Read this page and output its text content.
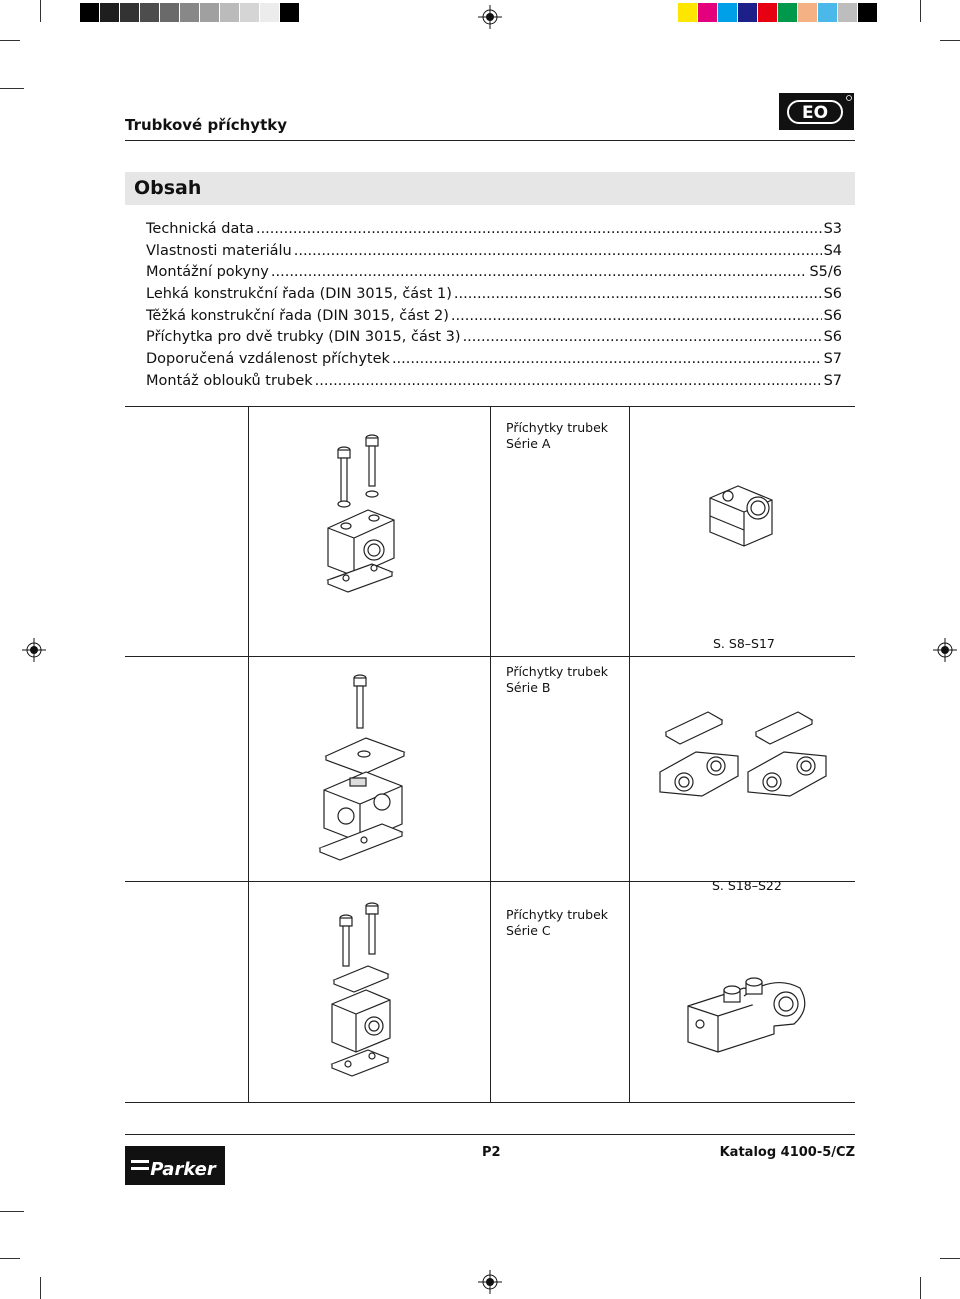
Trubkové příchytky
EO
Obsah
Technická data .....	S3
Vlastnosti materiálu .....	S4
Montážní pokyny .....	S5/6
Lehká konstrukční řada (DIN 3015, část 1) .....	S6
Těžká konstrukční řada (DIN 3015, část 2) .....	S6
Příchytka pro dvě trubky (DIN 3015, část 3) .....	S6
Doporučená vzdálenost příchytek .....	S7
Montáž oblouků trubek .....	S7
Příchytky trubek
Série A
S. S8–S17
Příchytky trubek
Série B
S. S18–S22
Příchytky trubek
Série C
Parker
P2	Katalog 4100-5/CZ
